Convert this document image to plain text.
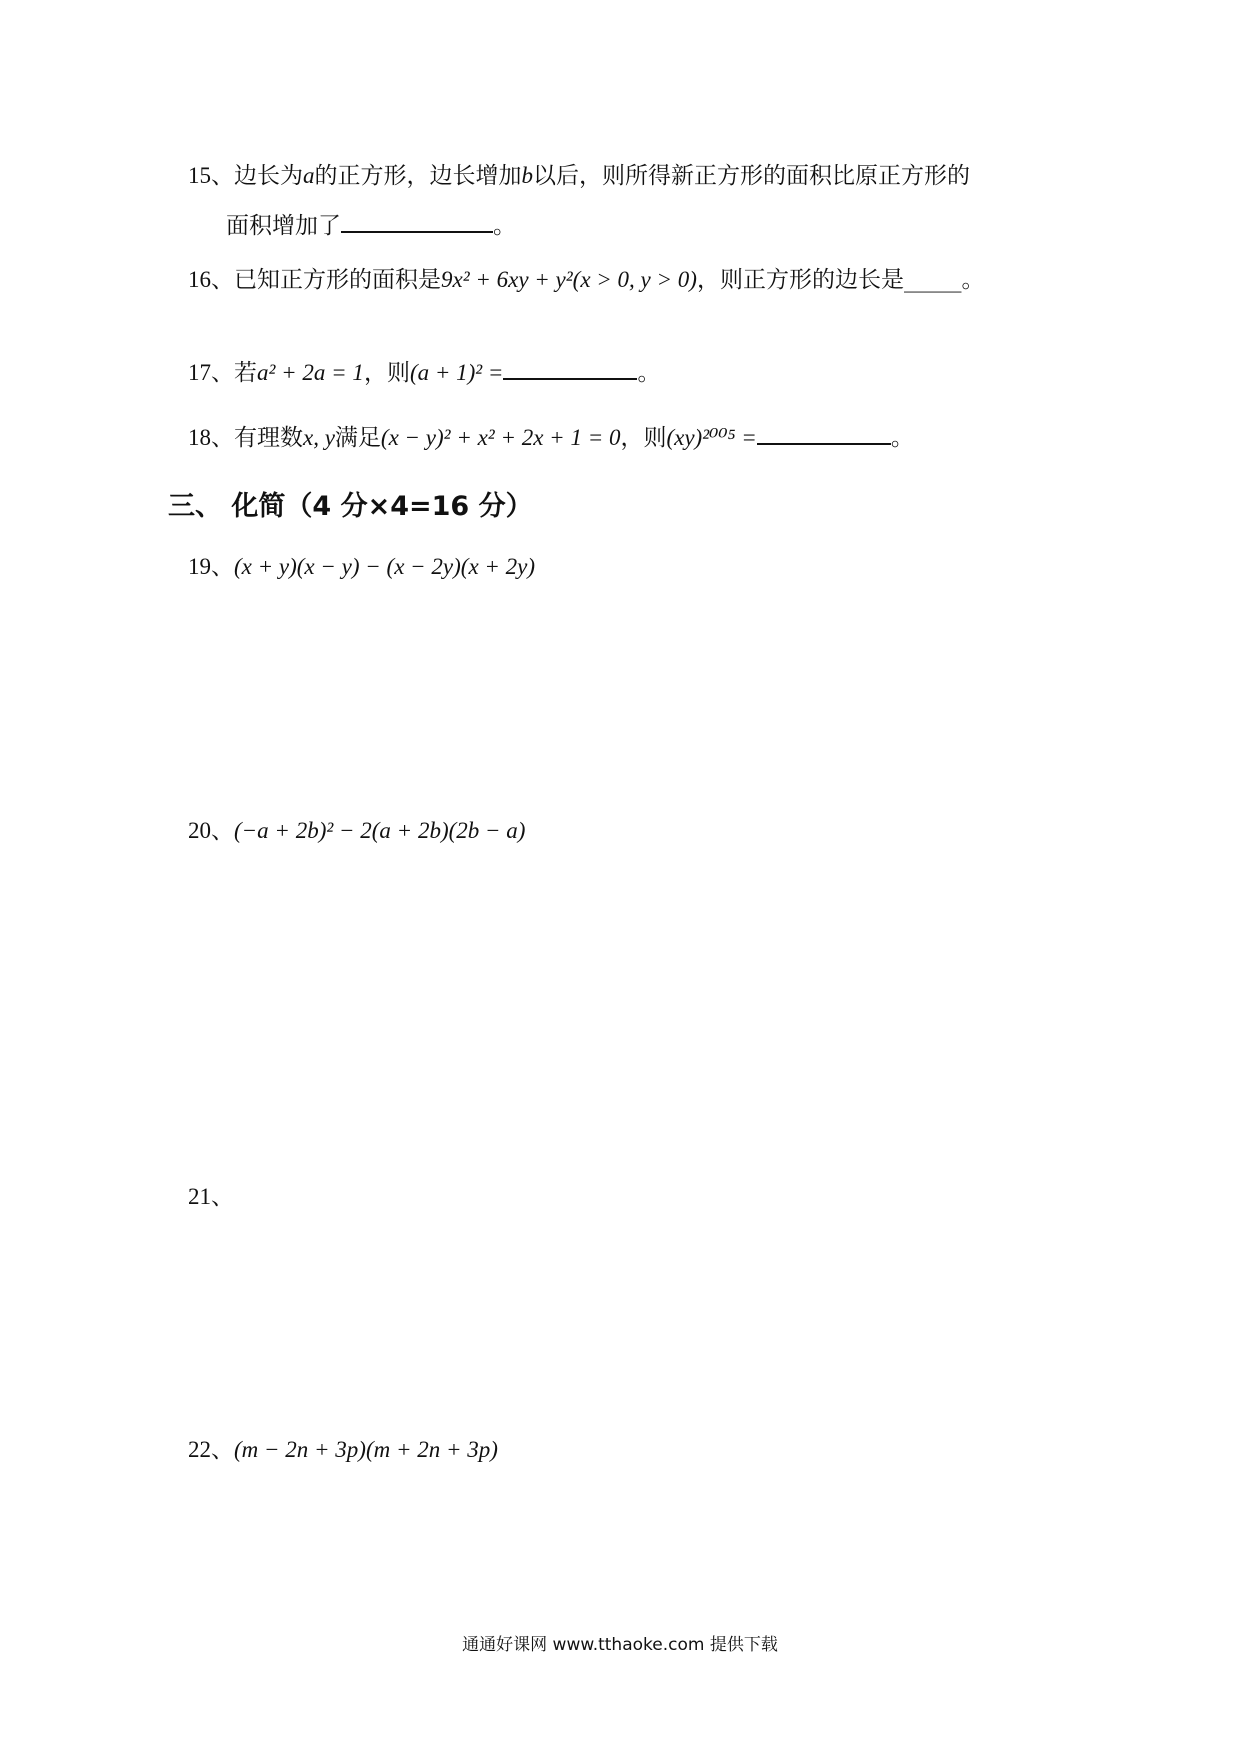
15、边长为a的正方形，边长增加b以后，则所得新正方形的面积比原正方形的
面积增加了	。
16、已知正方形的面积是9x² + 6xy + y²(x > 0, y > 0)，则正方形的边长是_____。
17、若a² + 2a = 1，则(a + 1)² =	。
18、有理数x, y满足(x − y)² + x² + 2x + 1 = 0，则(xy)²⁰⁰⁵ =	。
三、 化简（4 分×4=16 分）
19、(x + y)(x − y) − (x − 2y)(x + 2y)
20、(−a + 2b)² − 2(a + 2b)(2b − a)
21、
22、(m − 2n + 3p)(m + 2n + 3p)
通通好课网 www.tthaoke.com 提供下载
